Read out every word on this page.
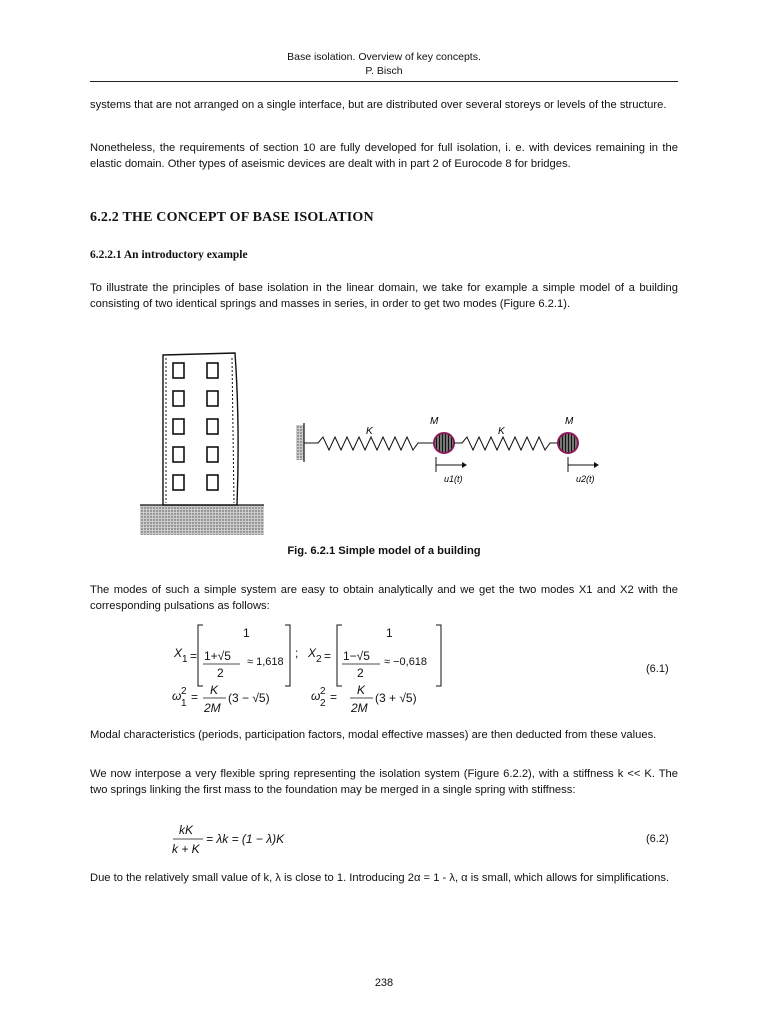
Base isolation. Overview of key concepts.
P. Bisch
systems that are not arranged on a single interface, but are distributed over several storeys or levels of the structure.
Nonetheless, the requirements of section 10 are fully developed for full isolation, i. e. with devices remaining in the elastic domain. Other types of aseismic devices are dealt with in part 2 of Eurocode 8 for bridges.
6.2.2 THE CONCEPT OF BASE ISOLATION
6.2.2.1 An introductory example
To illustrate the principles of base isolation in the linear domain, we take for example a simple model of a building consisting of two identical springs and masses in series, in order to get two modes (Figure 6.2.1).
K	K
M	M
u1(t)	u2(t)
Fig. 6.2.1 Simple model of a building
The modes of such a simple system are easy to obtain analytically and we get the two modes X1 and X2 with the corresponding pulsations as follows:
X 1 =
1
1+√5
2
≈ 1,618
; X 2 =
1
1−√5
2
≈ −0,618
ω 2
1 = K
2M
(3 − √5)	ω 2
2 = K
2M
(3 + √5)
(6.1)
Modal characteristics (periods, participation factors, modal effective masses) are then deducted from these values.
We now interpose a very flexible spring representing the isolation system (Figure 6.2.2), with a stiffness k << K. The two springs linking the first mass to the foundation may be merged in a single spring with stiffness:
kK
k + K
= λk = (1 − λ)K	(6.2)
Due to the relatively small value of k, λ is close to 1. Introducing 2α = 1 - λ, α is small, which allows for simplifications.
238
